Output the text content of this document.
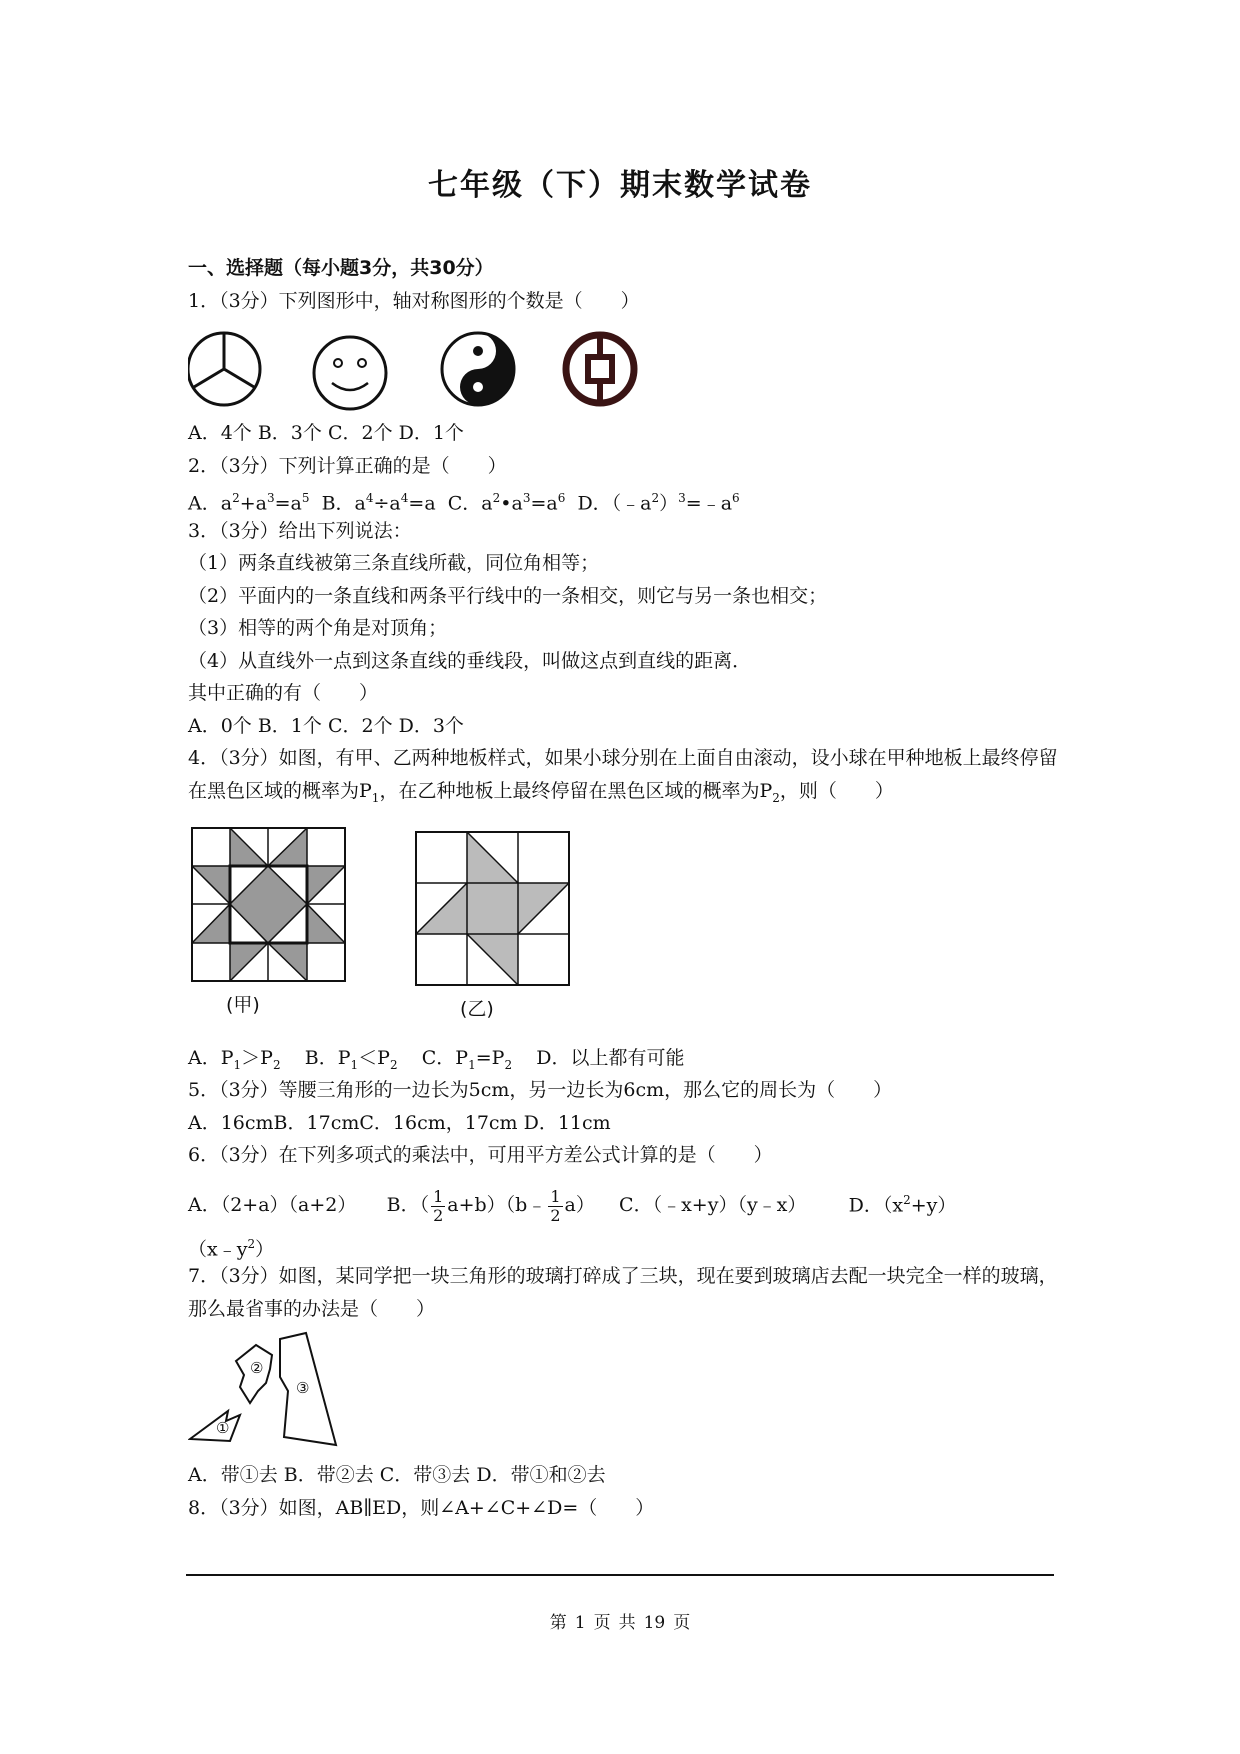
七年级（下）期末数学试卷
一、选择题（每小题3分，共30分）
1．（3分）下列图形中，轴对称图形的个数是（　　）
A．4个 B．3个 C．2个 D．1个
2．（3分）下列计算正确的是（　　）
A．$a^2+a^3=a^5$ B．$a^4\div a^4=a$ C．$a^2•a^3=a^6$ D．$(﹣a^2)^3=﹣a^6$
3．（3分）给出下列说法：
（1）两条直线被第三条直线所截，同位角相等；
（2）平面内的一条直线和两条平行线中的一条相交，则它与另一条也相交；
（3）相等的两个角是对顶角；
（4）从直线外一点到这条直线的垂线段，叫做这点到直线的距离．
其中正确的有（　　）
A．0个 B．1个 C．2个 D．3个
4．（3分）如图，有甲、乙两种地板样式，如果小球分别在上面自由滚动，设小球在甲种地板上最终停留在黑色区域的概率为$P_1$，在乙种地板上最终停留在黑色区域的概率为$P_2$，则（　　）
(甲)	(乙)
A．$P_1>P_2$ B．$P_1<P_2$ C．$P_1=P_2$ D．以上都有可能
5．（3分）等腰三角形的一边长为5cm，另一边长为6cm，那么它的周长为（　　）
A．16cmB．17cmC．16cm，17cm D．11cm
6．（3分）在下列多项式的乘法中，可用平方差公式计算的是（　　）
A．（2+a）（a+2） B．（ $\frac{1}{2}$ a+b）（b﹣ $\frac{1}{2} a$） C．（﹣x+y）（y﹣x） D．$(x^2+y)$
$(x﹣y^2)$
7．（3分）如图，某同学把一块三角形的玻璃打碎成了三块，现在要到玻璃店去配一块完全一样的玻璃，那么最省事的办法是（　　）
①
②
③
A．带①去 B．带②去 C．带③去 D．带①和②去
8．（3分）如图，AB∥ED，则∠A+∠C+∠D=（　　）
第 1 页 共 19 页
